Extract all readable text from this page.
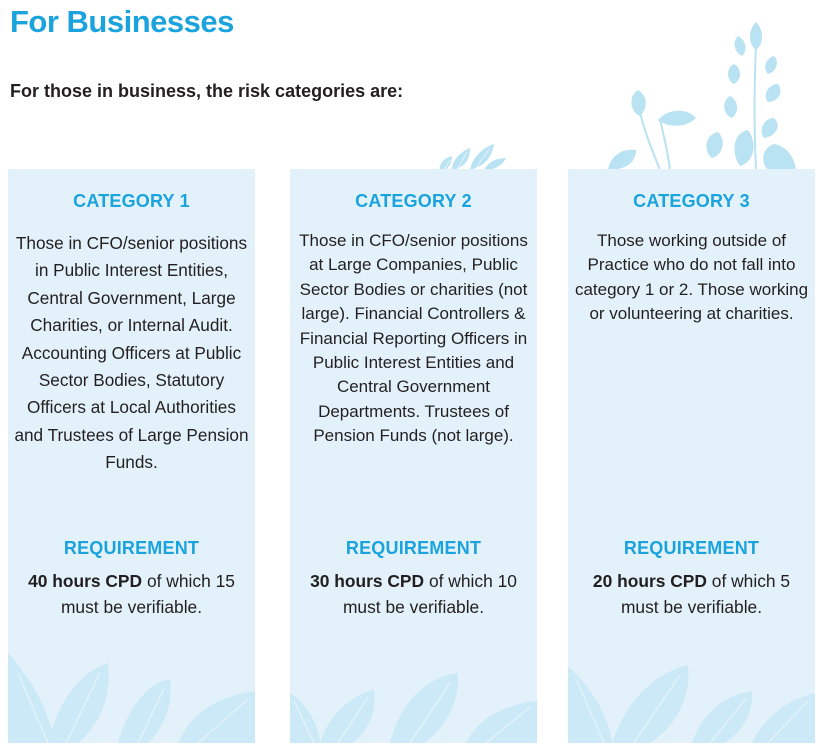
For Businesses
For those in business, the risk categories are:
CATEGORY 1
Those in CFO/senior positions in Public Interest Entities, Central Government, Large Charities, or Internal Audit. Accounting Officers at Public Sector Bodies, Statutory Officers at Local Authorities and Trustees of Large Pension Funds.
REQUIREMENT
40 hours CPD of which 15 must be verifiable.
CATEGORY 2
Those in CFO/senior positions at Large Companies, Public Sector Bodies or charities (not large). Financial Controllers & Financial Reporting Officers in Public Interest Entities and Central Government Departments. Trustees of Pension Funds (not large).
REQUIREMENT
30 hours CPD of which 10 must be verifiable.
CATEGORY 3
Those working outside of Practice who do not fall into category 1 or 2. Those working or volunteering at charities.
REQUIREMENT
20 hours CPD of which 5 must be verifiable.
